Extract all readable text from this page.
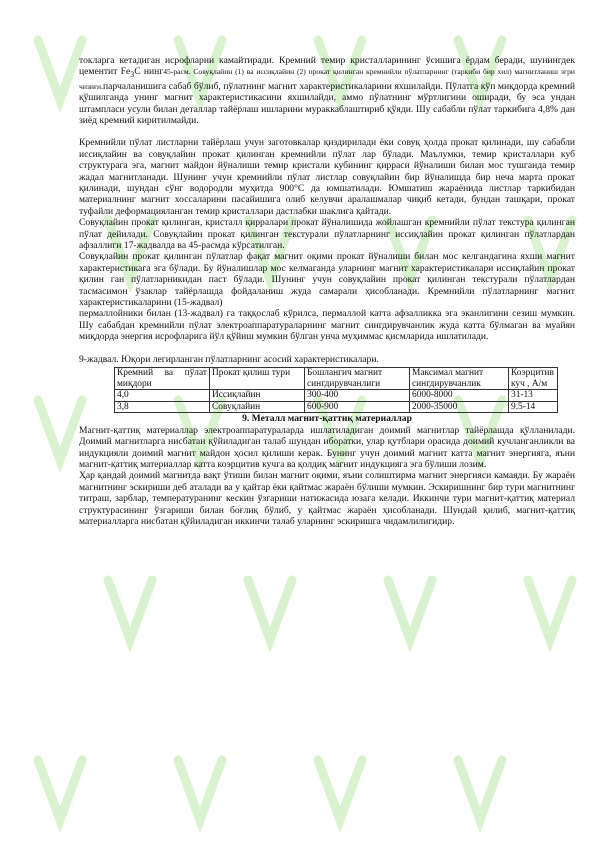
токларга кетадиган исрофларни камайтиради. Кремний темир кристалларининг ўсишига ёрдам беради, шунингдек цементит $Fe_3C$ нинг45-расм. Совуқлайин (1) ва иссиқлайин (2) прокат қилинган кремнийли пўлатларнинг (таркиби бир хил) магнитланиш эгри чизиғи.парчаланишига сабаб бўлиб, пўлатнинг магнит характеристикаларини яхшилайди. Пўлатга кўп миқдорда кремний қўшилганда унинг магнит характеристикасини яхшилайди, аммо пўлатнинг мўртлигини оширади, бу эса ундан штампласи усули билан деталлар тайёрлаш ишларини мураккаблаштириб қўяди. Шу сабабли пўлат таркибига 4,8% дан зиёд кремний киритилмайди.

Кремнийли пўлат листларни тайёрлаш учун заготовкалар қиздирилади ёки совуқ ҳолда прокат қилинади, шу сабабли иссиқлайин ва совуқлайин прокат қилинган кремнийли пўлат лар бўлади. Маълумки, темир кристаллари куб структурага эга, магнит майдон йўналиши темир кристали кубининг қирраси йўналиши билан мос тушганда темир жадал магнитланади. Шунинг учун кремнийли пўлат листлар совуқлайин бир йўналишда бир неча марта прокат қилинади, шундан сўнг водородли муҳитда 900°С да юмшатилади. Юмшатиш жараёнида листлар таркибидан материалнинг магнит хоссаларини пасайишига олиб келувчи аралашмалар чиқиб кетади, бундан ташқари, прокат туфайли деформацияланган темир кристаллари дастлабки шаклига қайтади.

Совуқлайин прокат қилинган, кристалл қирралари прокат йўналишида жойлашган кремнийли пўлат текстура қилинган пўлат дейилади. Совуқлайин прокат қилинган текстурали пўлатларнинг иссиқлайин прокат қилинган пўлатлардан афзаллиги 17-жадвалда ва 45-расмда кўрсатилган.

Совуқлайин прокат қилинган пўлатлар фақат магнит оқими прокат йўналиши билан мос келгандагина яхши магнит характеристикага эга бўлади. Бу йўналишлар мос келмаганда уларнинг магнит характеристикалари иссиқлайин прокат қилин ган пўлатларникидан паст бўлади. Шунинг учун совуқлайин прокат қилинган текстурали пўлатлардан тасмасимон ўзаклар тайёрлашда фойдаланиш жуда самарали ҳисобланади. Кремнийли пўлатларнинг магнит характеристикаларини (15-жадвал)

пермаллойники билан (13-жадвал) га таққослаб кўрилса, пермаллой катта афзалликка эга эканлигини сезиш мумкин. Шу сабабдан кремнийли пўлат электроаппаратураларнинг магнит сингдирувчанлик жуда катта бўлмаган ва муайян миқдорда энергия исрофларига йўл қўйиш мумкин бўлган унча муҳиммас қисмларида ишлатилади.

9-жадвал. Юқори легирланган пўлатларнинг асосий характеристикалари.

Кремний ва пўлат миқдори	Прокат қилиш тури	Бошлангич магнит сингдирувчанлиги	Максимал магнит сингдирувчанлик	Коэрцитив куч , А/м
4,0	Иссиқлайин	300-400	6000-8000	31-13
3,8	Совуқлайин	600-900	2000-35000	9.5-14

9. Металл магнит-қаттиқ материаллар

Магнит-қаттиқ материаллар электроаппаратураларда ишлатиладиган доимий магнитлар тайёрлашда қўлланилади. Доимий магнитларга нисбатан қўйиладиган талаб шундан иборатки, улар қутблари орасида доимий кучланганликли ва индукцияли доимий магнит майдон ҳосил қилиши керак. Бунинг учун доимий магнит катта магнит энергияга, яъни магнит-қаттиқ материаллар катта коэрцитив кучга ва қолдиқ магнит индукцияга эга бўлиши лозим.

Ҳар қандай доимий магнитда вақт ўтиши билан магнит оқими, яъни солиштирма магнит энергияси камаяди. Бу жараён магнитнинг эскириши деб аталади ва у қайтар ёки қайтмас жараён бўлиши мумкин. Эскиришнинг бир тури магнитнинг титраш, зарблар, температуранинг кескин ўзгариши натижасида юзага келади. Иккинчи тури магнит-қаттиқ материал структурасининг ўзгариши билан боғлиқ бўлиб, у қайтмас жараён ҳисобланади. Шундай қилиб, магнит-қаттиқ материалларга нисбатан қўйиладиган иккинчи талаб уларнинг эскиришга чидамлилигидир.
